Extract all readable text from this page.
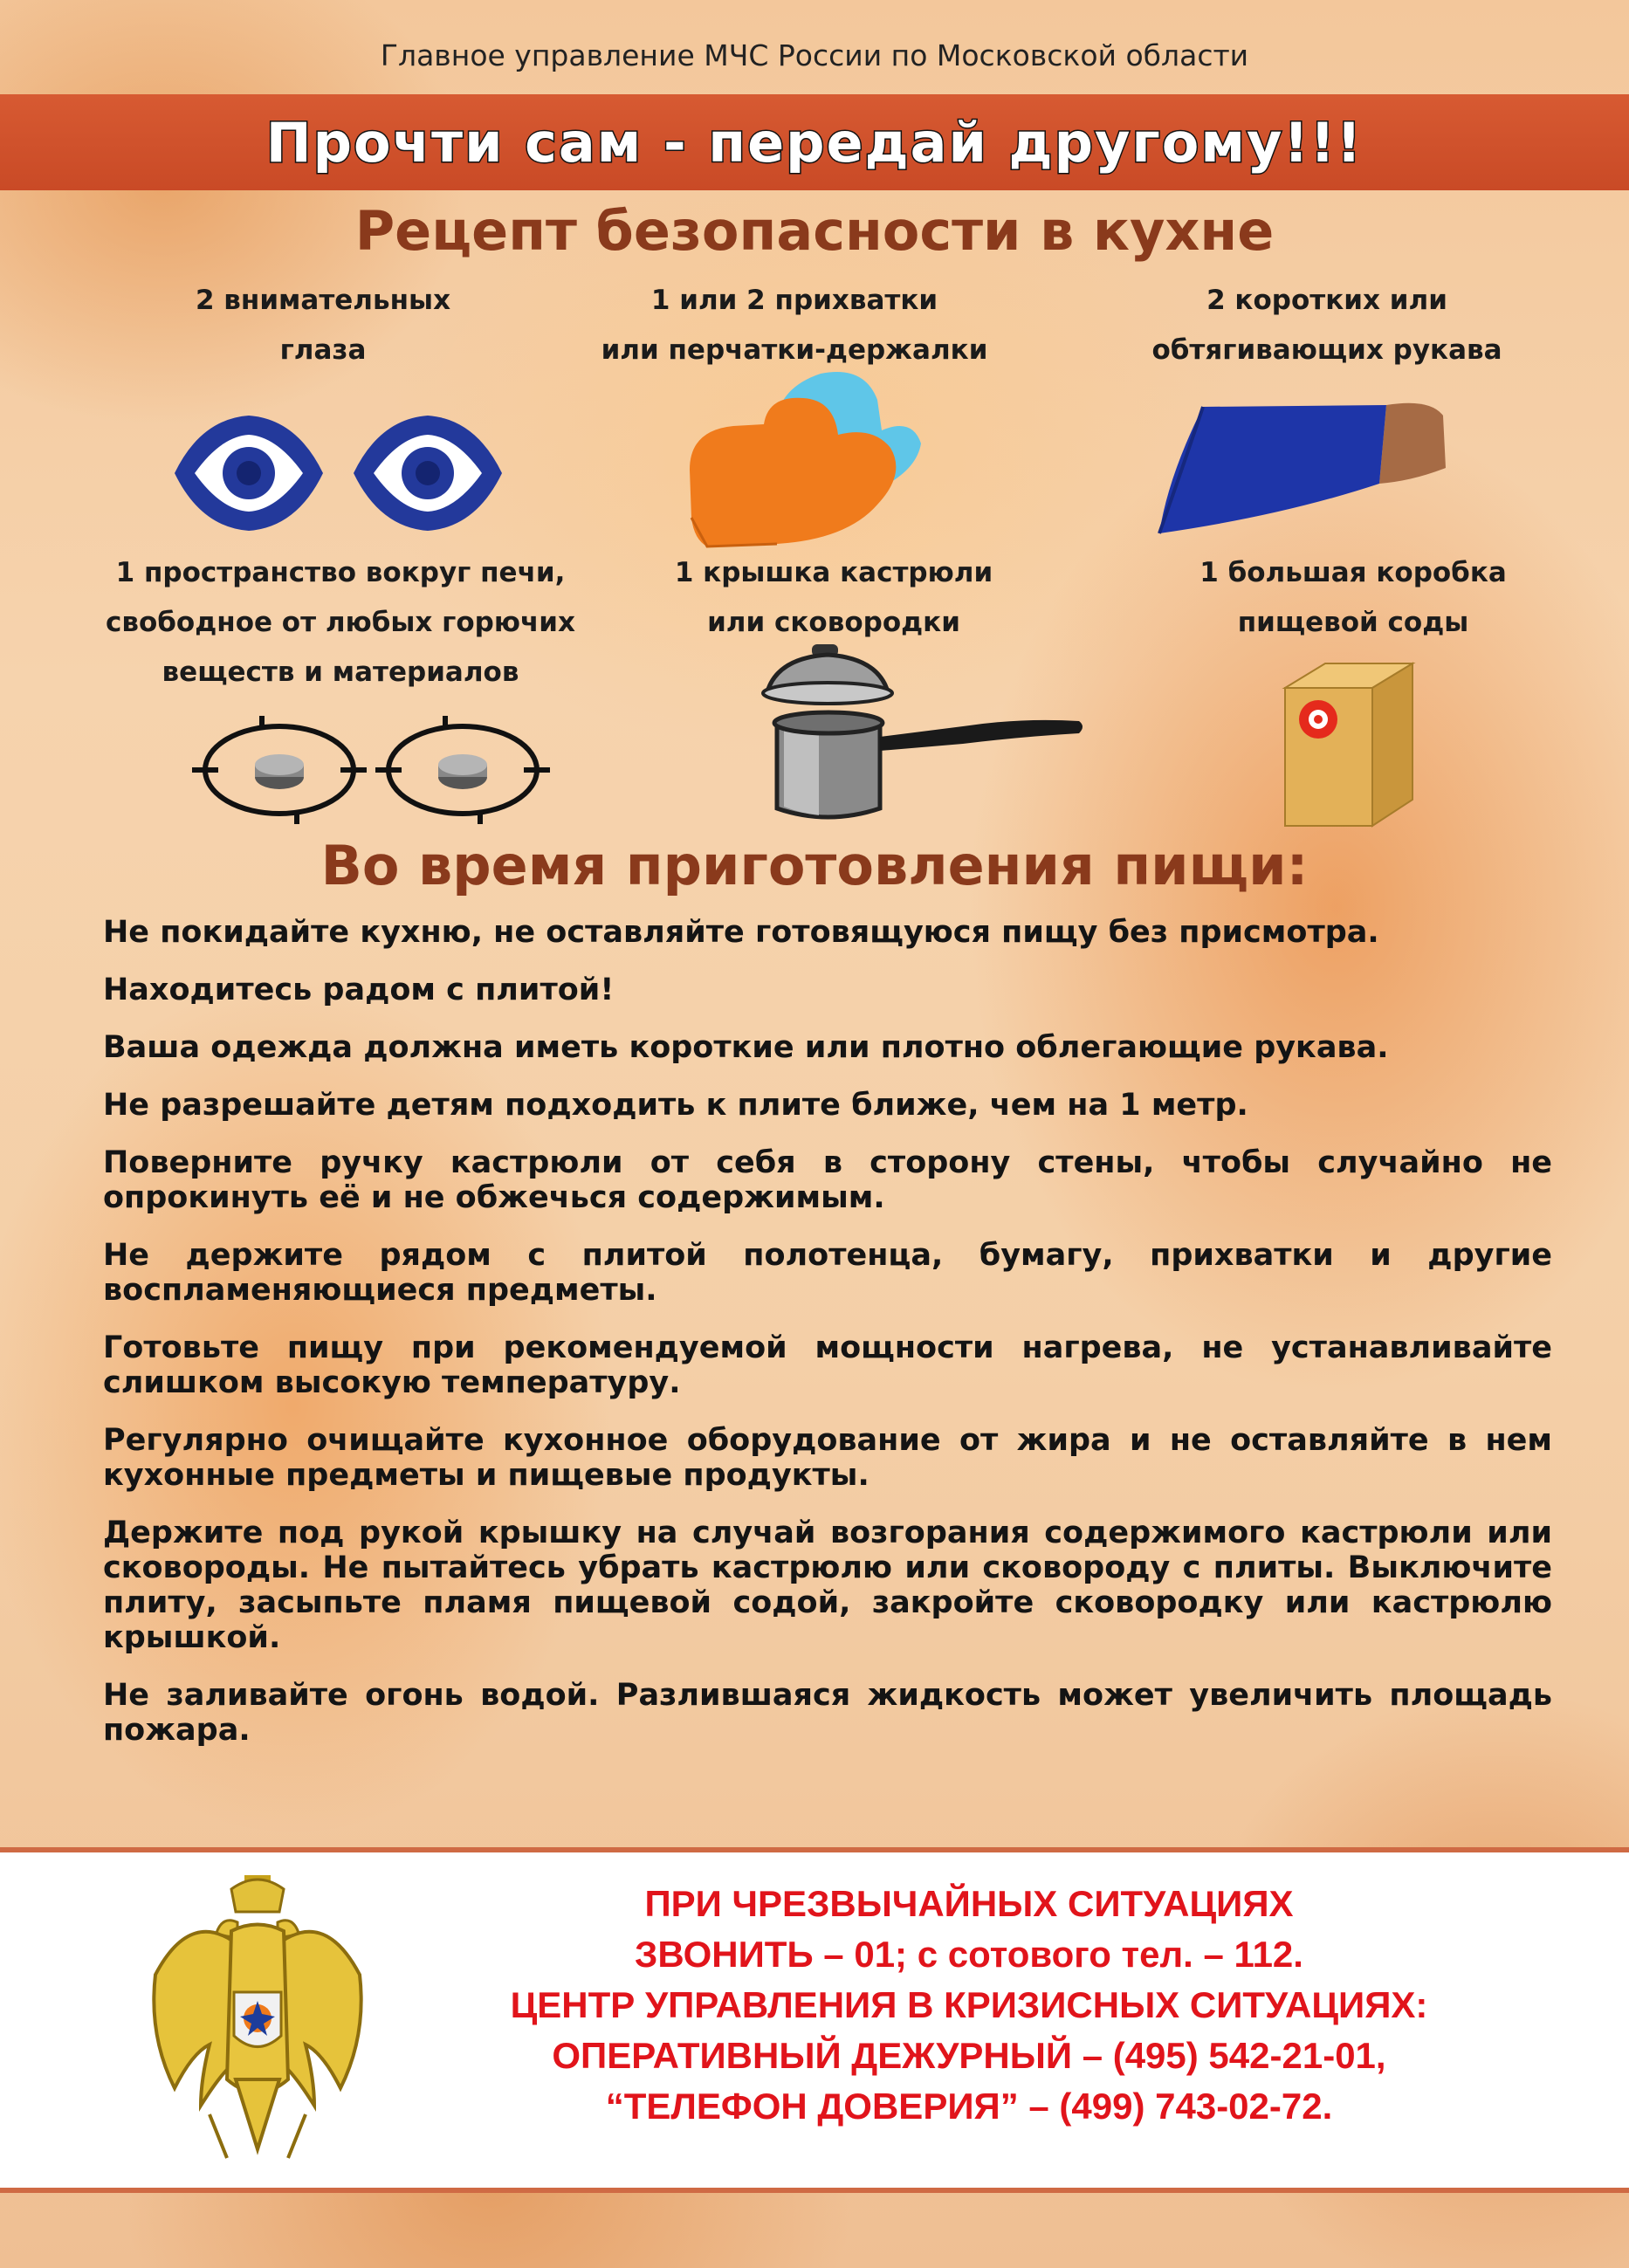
Главное управление МЧС России по Московской области
Прочти сам - передай другому!!!
Рецепт безопасности в кухне
2 внимательных
глаза
1 или 2 прихватки
или перчатки-держалки
2 коротких или
обтягивающих рукава
1 пространство вокруг печи,
свободное от любых горючих
веществ и материалов
1 крышка кастрюли
или сковородки
1 большая коробка
пищевой соды
Во время приготовления пищи:

Не покидайте кухню, не оставляйте готовящуюся пищу без присмотра.

Находитесь радом с плитой!

Ваша одежда должна иметь короткие или плотно облегающие рукава.

Не разрешайте детям подходить к плите ближе, чем на 1 метр.

Поверните ручку кастрюли от себя в сторону стены, чтобы случайно не опрокинуть её и не обжечься содержимым.

Не держите рядом с плитой полотенца, бумагу, прихватки и другие воспламеняющиеся предметы.

Готовьте пищу при рекомендуемой мощности нагрева, не устанавливайте слишком высокую температуру.

Регулярно очищайте кухонное оборудование от жира и не оставляйте в нем кухонные предметы и пищевые продукты.

Держите под рукой крышку на случай возгорания содержимого кастрюли или сковороды. Не пытайтесь убрать кастрюлю или сковороду с плиты. Выключите плиту, засыпьте пламя пищевой содой, закройте сковородку или кастрюлю крышкой.

Не заливайте огонь водой. Разлившаяся жидкость может увеличить площадь пожара.

ПРИ ЧРЕЗВЫЧАЙНЫХ СИТУАЦИЯХ
ЗВОНИТЬ – 01; с сотового тел. – 112.
ЦЕНТР УПРАВЛЕНИЯ В КРИЗИСНЫХ СИТУАЦИЯХ:
ОПЕРАТИВНЫЙ ДЕЖУРНЫЙ – (495) 542-21-01,
“ТЕЛЕФОН ДОВЕРИЯ” – (499) 743-02-72.
